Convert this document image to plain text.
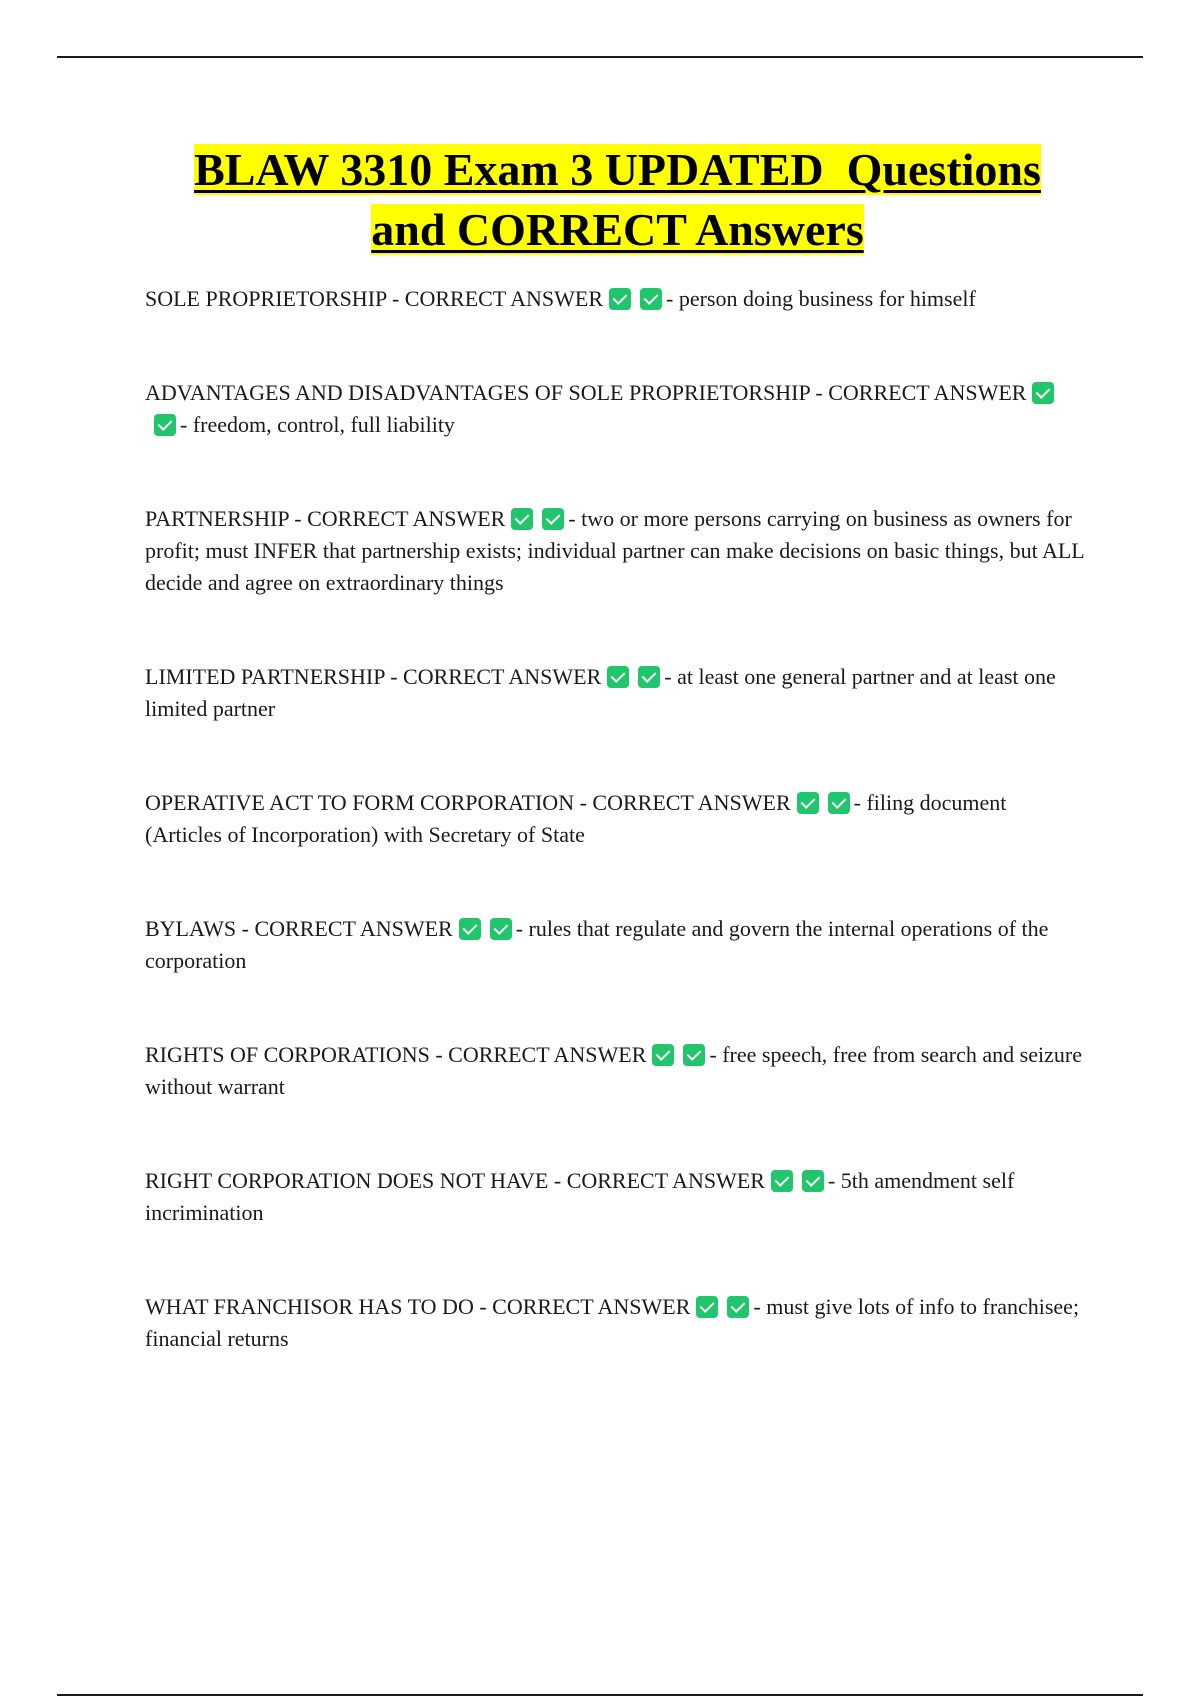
BLAW 3310 Exam 3 UPDATED  Questions
and CORRECT Answers

SOLE PROPRIETORSHIP - CORRECT ANSWER	- person doing business for himself

ADVANTAGES AND DISADVANTAGES OF SOLE PROPRIETORSHIP - CORRECT ANSWER- freedom, control, full liability

PARTNERSHIP - CORRECT ANSWER	- two or more persons carrying on business as owners for profit; must INFER that partnership exists; individual partner can make decisions on basic things, but ALL decide and agree on extraordinary things

LIMITED PARTNERSHIP - CORRECT ANSWER	- at least one general partner and at least one limited partner

OPERATIVE ACT TO FORM CORPORATION - CORRECT ANSWER	- filing document (Articles of Incorporation) with Secretary of State

BYLAWS - CORRECT ANSWER	- rules that regulate and govern the internal operations of the corporation

RIGHTS OF CORPORATIONS - CORRECT ANSWER	- free speech, free from search and seizure without warrant

RIGHT CORPORATION DOES NOT HAVE - CORRECT ANSWER	- 5th amendment self incrimination

WHAT FRANCHISOR HAS TO DO - CORRECT ANSWER	- must give lots of info to franchisee; financial returns
